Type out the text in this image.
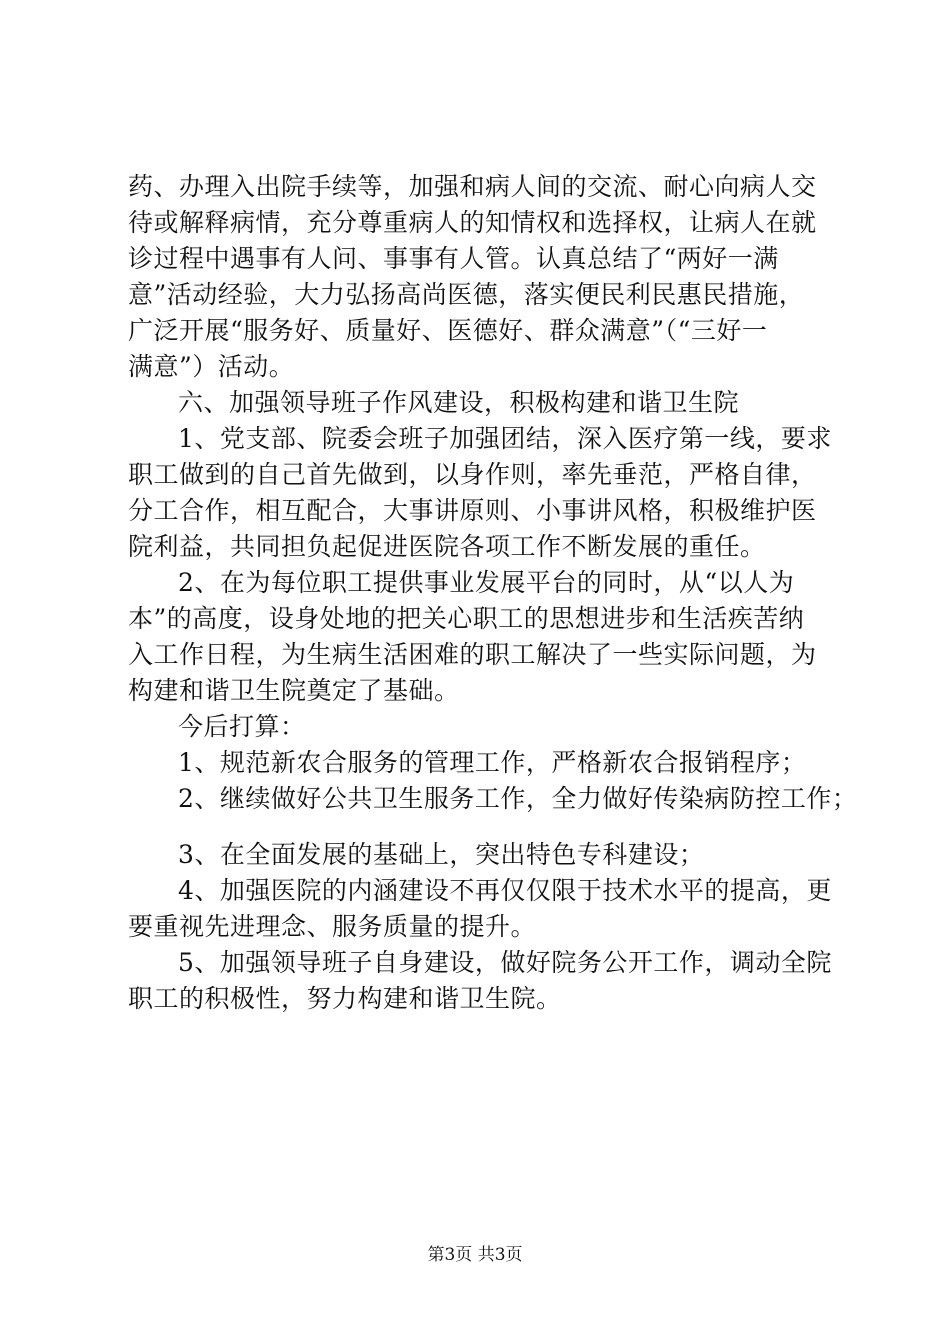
药、办理入出院手续等，加强和病人间的交流、耐心向病人交
待或解释病情，充分尊重病人的知情权和选择权，让病人在就
诊过程中遇事有人问、事事有人管。认真总结了“两好一满
意”活动经验，大力弘扬高尚医德，落实便民利民惠民措施，
广泛开展“服务好、质量好、医德好、群众满意”（“三好一
满意”）活动。
六、加强领导班子作风建设，积极构建和谐卫生院
1、党支部、院委会班子加强团结，深入医疗第一线，要求
职工做到的自己首先做到，以身作则，率先垂范，严格自律，
分工合作，相互配合，大事讲原则、小事讲风格，积极维护医
院利益，共同担负起促进医院各项工作不断发展的重任。
2、在为每位职工提供事业发展平台的同时，从“以人为
本”的高度，设身处地的把关心职工的思想进步和生活疾苦纳
入工作日程，为生病生活困难的职工解决了一些实际问题，为
构建和谐卫生院奠定了基础。
今后打算：
1、规范新农合服务的管理工作，严格新农合报销程序；
2、继续做好公共卫生服务工作，全力做好传染病防控工作；
3、在全面发展的基础上，突出特色专科建设；
4、加强医院的内涵建设不再仅仅限于技术水平的提高，更
要重视先进理念、服务质量的提升。
5、加强领导班子自身建设，做好院务公开工作，调动全院
职工的积极性，努力构建和谐卫生院。
第3页 共3页
